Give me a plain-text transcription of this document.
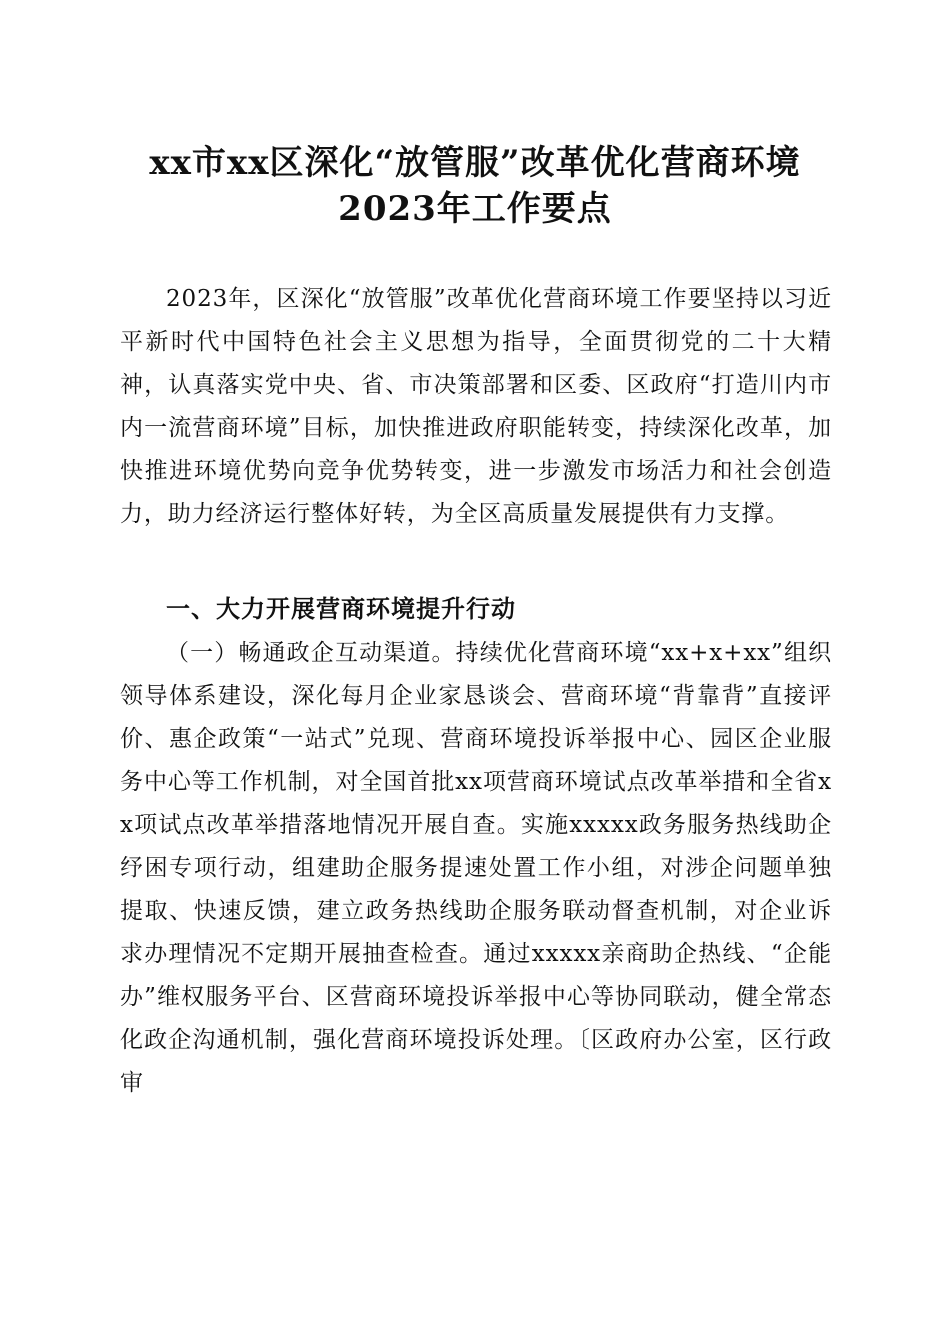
xx市xx区深化“放管服”改革优化营商环境
2023年工作要点
2023年，区深化“放管服”改革优化营商环境工作要坚持以习近平新时代中国特色社会主义思想为指导，全面贯彻党的二十大精神，认真落实党中央、省、市决策部署和区委、区政府“打造川内市内一流营商环境”目标，加快推进政府职能转变，持续深化改革，加快推进环境优势向竞争优势转变，进一步激发市场活力和社会创造力，助力经济运行整体好转，为全区高质量发展提供有力支撑。
一、大力开展营商环境提升行动
（一）畅通政企互动渠道。持续优化营商环境“xx+x+xx”组织领导体系建设，深化每月企业家恳谈会、营商环境“背靠背”直接评价、惠企政策“一站式”兑现、营商环境投诉举报中心、园区企业服务中心等工作机制，对全国首批xx项营商环境试点改革举措和全省xx项试点改革举措落地情况开展自查。实施xxxxx政务服务热线助企纾困专项行动，组建助企服务提速处置工作小组，对涉企问题单独提取、快速反馈，建立政务热线助企服务联动督查机制，对企业诉求办理情况不定期开展抽查检查。通过xxxxx亲商助企热线、“企能办”维权服务平台、区营商环境投诉举报中心等协同联动，健全常态化政企沟通机制，强化营商环境投诉处理。〔区政府办公室，区行政审
